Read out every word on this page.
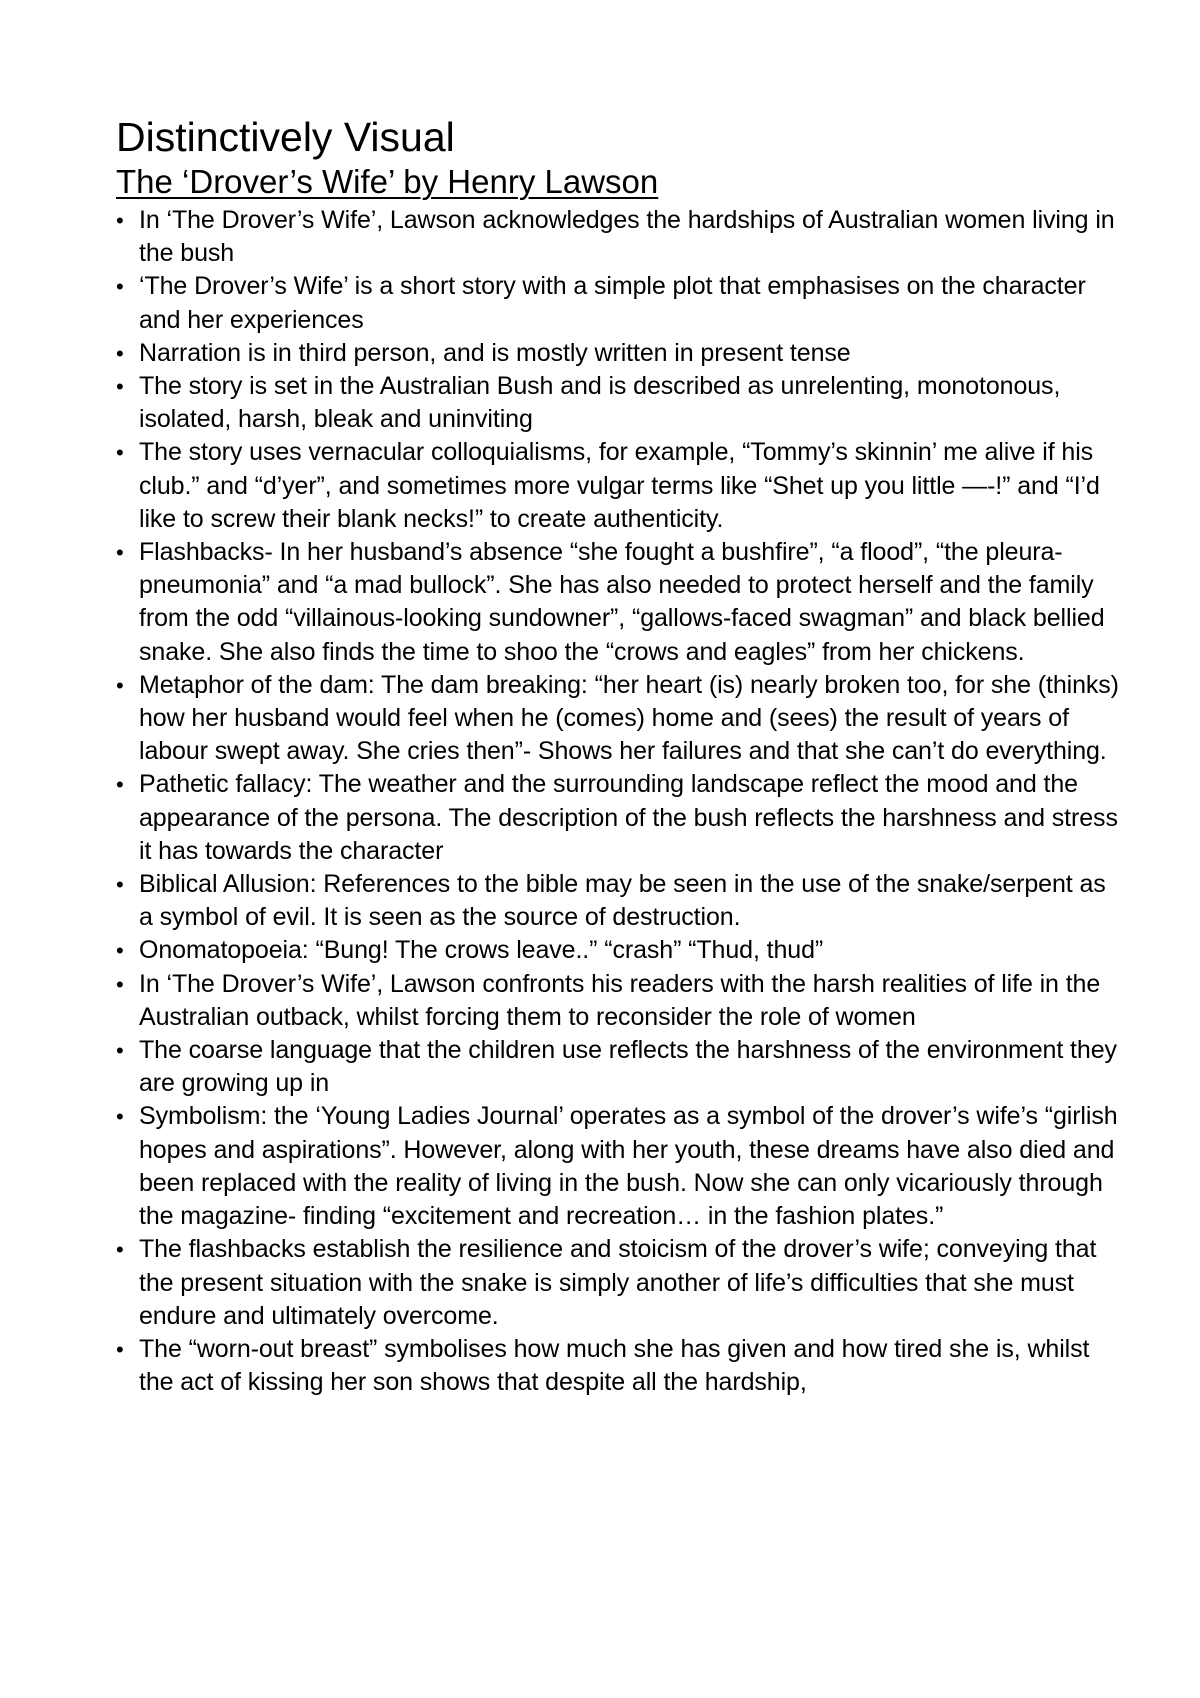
Distinctively Visual
The ‘Drover’s Wife’ by Henry Lawson
• In ‘The Drover’s Wife’, Lawson acknowledges the hardships of Australian women living in the bush
• ‘The Drover’s Wife’ is a short story with a simple plot that emphasises on the character and her experiences
• Narration is in third person, and is mostly written in present tense
• The story is set in the Australian Bush and is described as unrelenting, monotonous, isolated, harsh, bleak and uninviting
• The story uses vernacular colloquialisms, for example, “Tommy’s skinnin’ me alive if his club.” and “d’yer”, and sometimes more vulgar terms like “Shet up you little —-!” and “I’d like to screw their blank necks!” to create authenticity.
• Flashbacks- In her husband’s absence “she fought a bushfire”, “a flood”, “the pleura-pneumonia” and “a mad bullock”. She has also needed to protect herself and the family from the odd “villainous-looking sundowner”, “gallows-faced swagman” and black bellied snake. She also finds the time to shoo the “crows and eagles” from her chickens.
• Metaphor of the dam: The dam breaking: “her heart (is) nearly broken too, for she (thinks) how her husband would feel when he (comes) home and (sees) the result of years of labour swept away. She cries then”- Shows her failures and that she can’t do everything.
• Pathetic fallacy: The weather and the surrounding landscape reflect the mood and the appearance of the persona. The description of the bush reflects the harshness and stress it has towards the character
• Biblical Allusion: References to the bible may be seen in the use of the snake/serpent as a symbol of evil. It is seen as the source of destruction.
• Onomatopoeia: “Bung! The crows leave..” “crash” “Thud, thud”
• In ‘The Drover’s Wife’, Lawson confronts his readers with the harsh realities of life in the Australian outback, whilst forcing them to reconsider the role of women
• The coarse language that the children use reflects the harshness of the environment they are growing up in
• Symbolism: the ‘Young Ladies Journal’ operates as a symbol of the drover’s wife’s “girlish hopes and aspirations”. However, along with her youth, these dreams have also died and been replaced with the reality of living in the bush. Now she can only vicariously through the magazine- finding “excitement and recreation… in the fashion plates.”
• The flashbacks establish the resilience and stoicism of the drover’s wife; conveying that the present situation with the snake is simply another of life’s difficulties that she must endure and ultimately overcome.
• The “worn-out breast” symbolises how much she has given and how tired she is, whilst the act of kissing her son shows that despite all the hardship,
